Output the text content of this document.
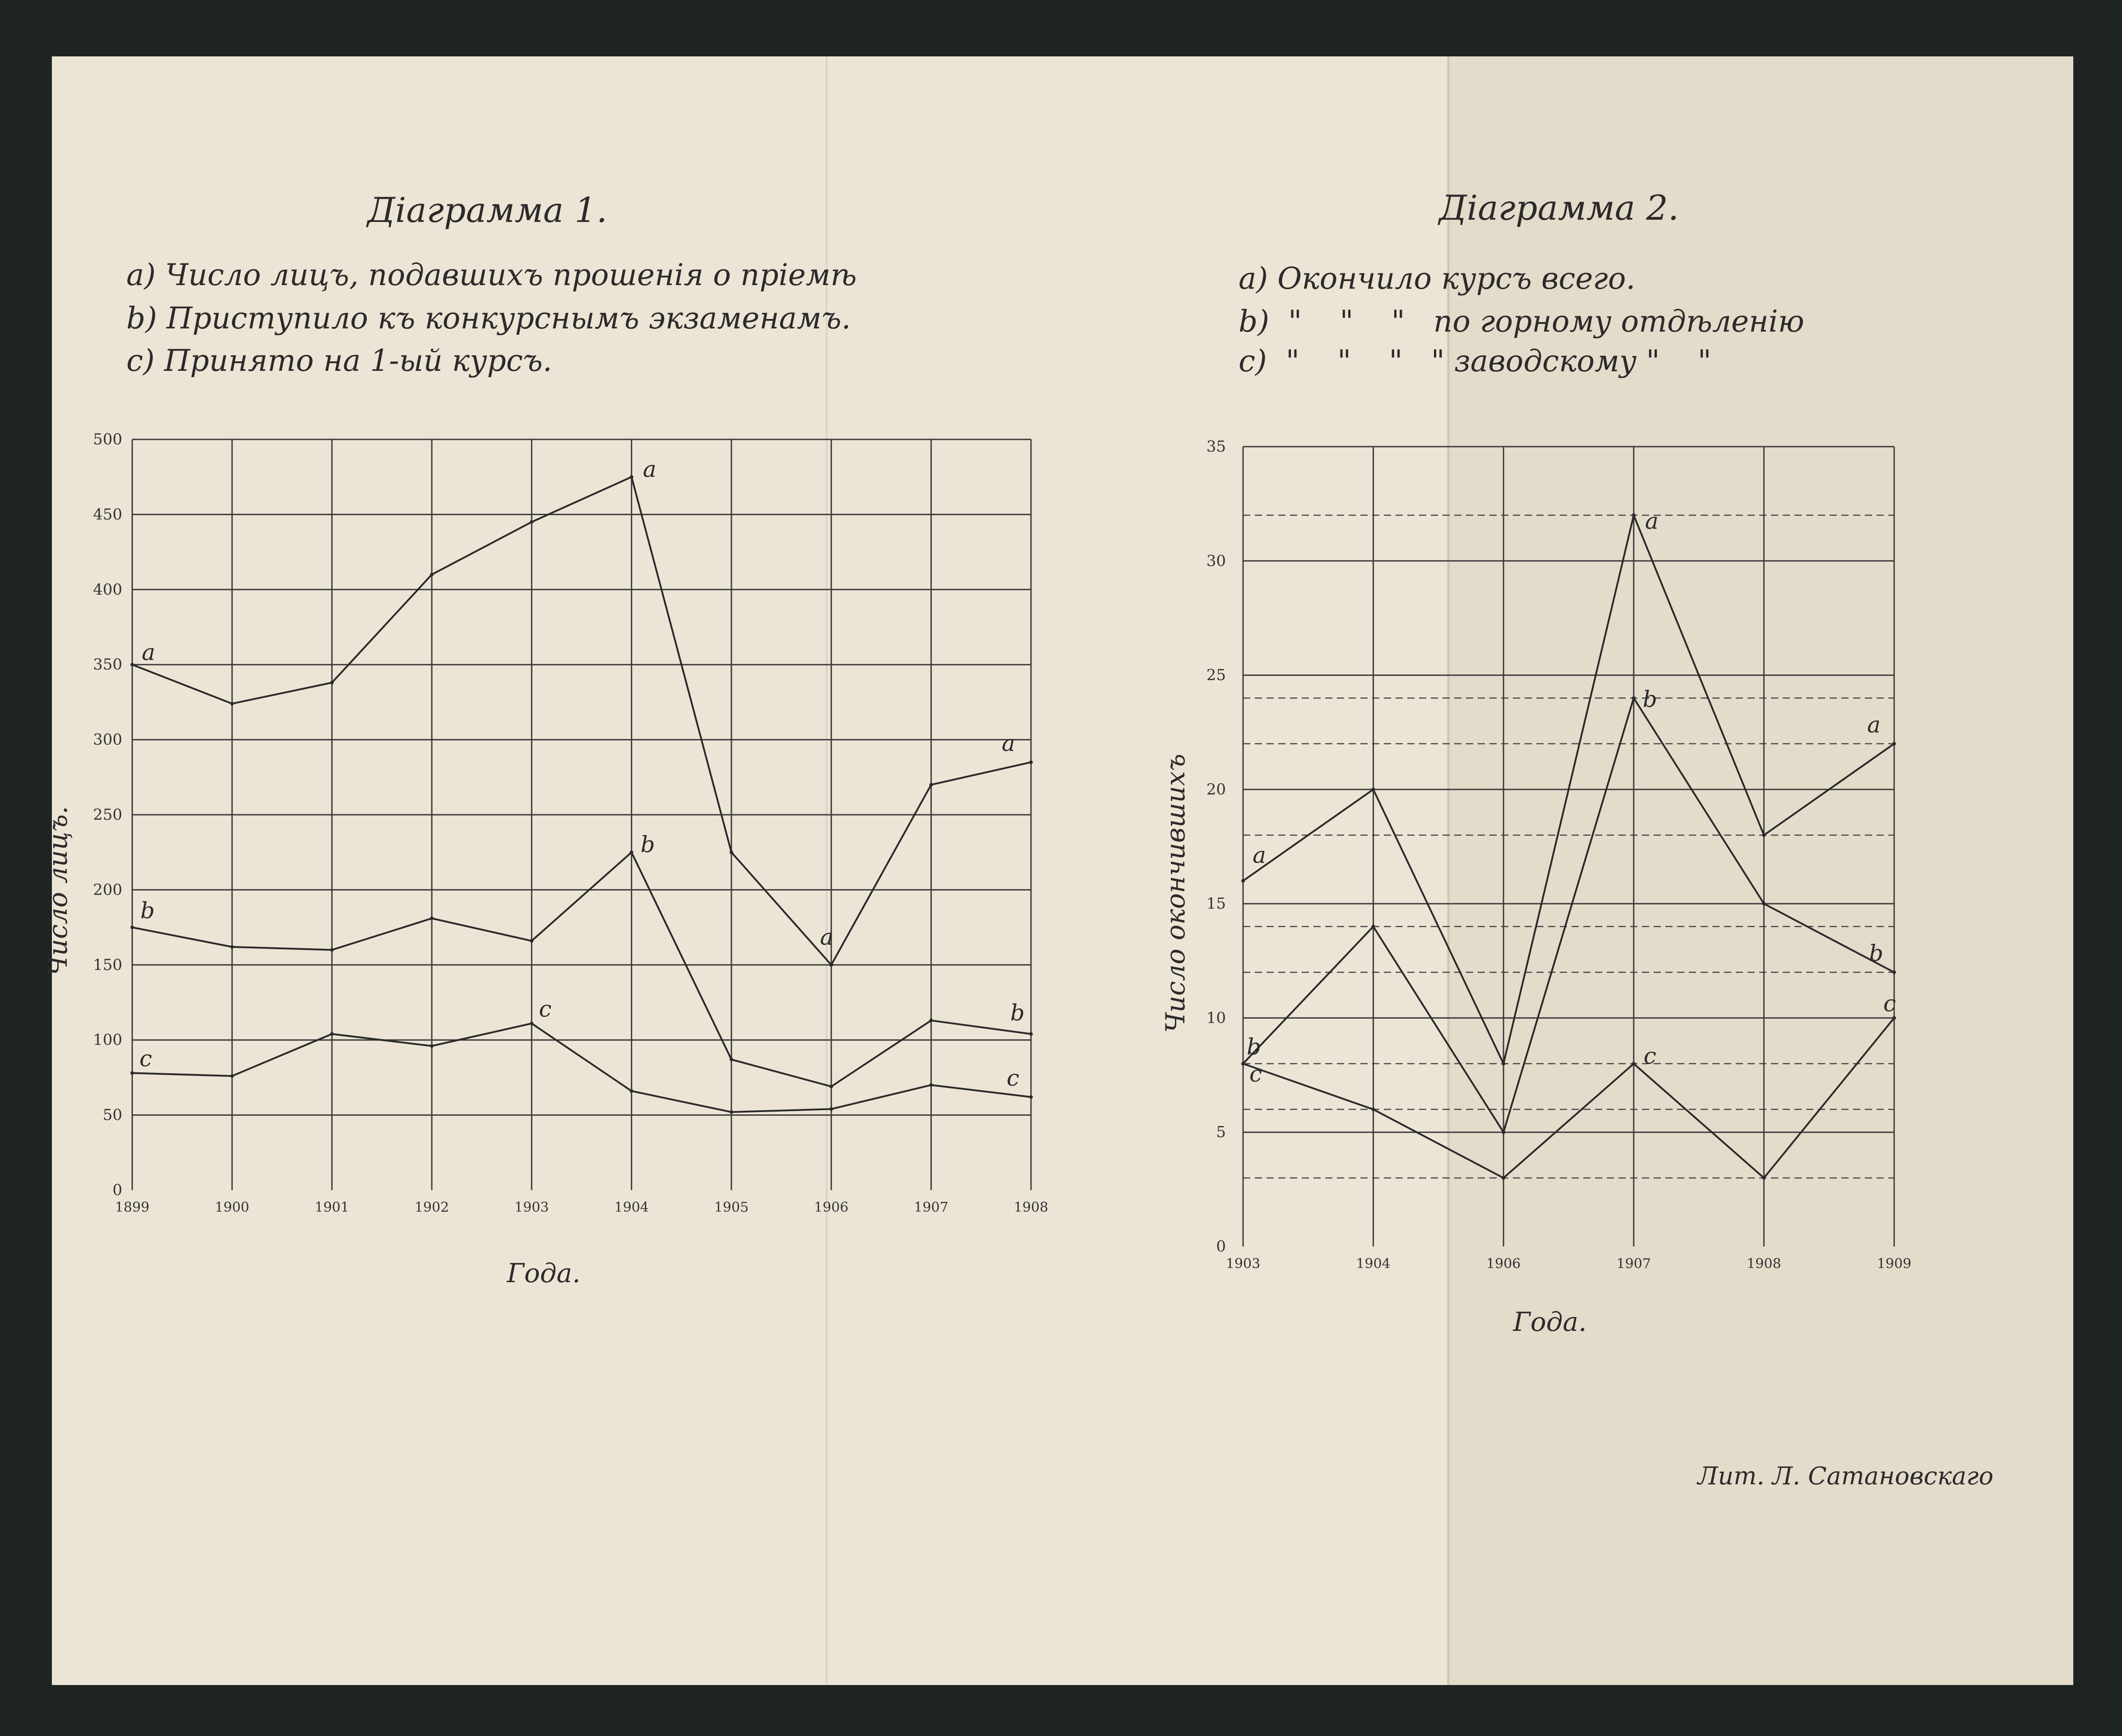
Діаграмма 1.
a) Число лицъ, подавшихъ прошенія о пріемѣ
b) Приступило къ конкурснымъ экзаменамъ.
c) Принято на 1-ый курсъ.
Діаграмма 2.
a) Окончило курсъ всего.
b)  "    "    "   по горному отдѣленію
c)  "    "    "   " заводскому "    "
Года.
Число лицъ.
Года.
Число окончившихъ
0
50
100
150
200
250
300
350
400
450
500
1899	1900	1901	1902	1903	1904	1905	1906	1907	1908
a
a
a
a
b
b
b
c
c
c
0
5
10
15
20
25
30
35
1903	1904	1906	1907	1908	1909
a
a
a
b
b
b
c
c
c
Лит. Л. Сатановскаго
